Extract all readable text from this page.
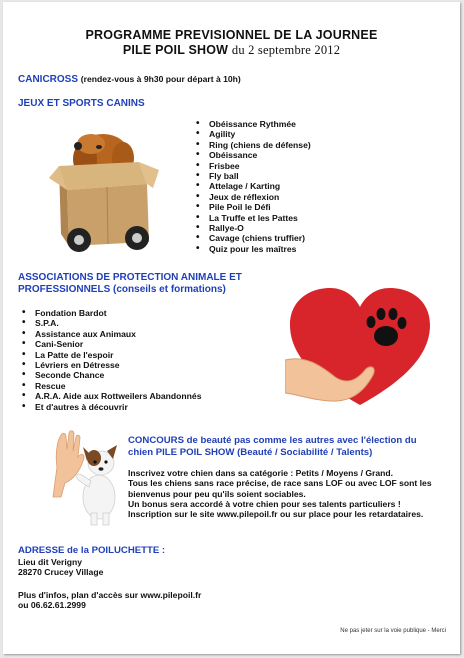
PROGRAMME PREVISIONNEL DE LA JOURNEE
PILE POIL SHOW du 2 septembre 2012
CANICROSS (rendez-vous à 9h30 pour départ à 10h)
JEUX ET SPORTS CANINS
• Obéissance Rythmée
• Agility
• Ring (chiens de défense)
• Obéissance
• Frisbee
• Fly ball
• Attelage / Karting
• Jeux de réflexion
• Pile Poil le Défi
• La Truffe et les Pattes
• Rallye-O
• Cavage (chiens truffier)
• Quiz pour les maîtres
ASSOCIATIONS DE PROTECTION ANIMALE ET
PROFESSIONNELS (conseils et formations)
• Fondation Bardot
• S.P.A.
• Assistance aux Animaux
• Cani-Senior
• La Patte de l'espoir
• Lévriers en Détresse
• Seconde Chance
• Rescue
• A.R.A. Aide aux Rottweilers Abandonnés
• Et d'autres à découvrir
CONCOURS de beauté pas comme les autres avec l'élection du
chien PILE POIL SHOW (Beauté / Sociabilité / Talents)
Inscrivez votre chien dans sa catégorie : Petits / Moyens / Grand.
Tous les chiens sans race précise, de race sans LOF ou avec LOF sont les
bienvenus pour peu qu'ils soient sociables.
Un bonus sera accordé à votre chien pour ses talents particuliers !
Inscription sur le site www.pilepoil.fr ou sur place pour les retardataires.
ADRESSE de la POILUCHETTE :
Lieu dit Verigny
28270 Crucey Village
Plus d'infos, plan d'accès sur www.pilepoil.fr
ou 06.62.61.2999
Ne pas jeter sur la voie publique - Merci
